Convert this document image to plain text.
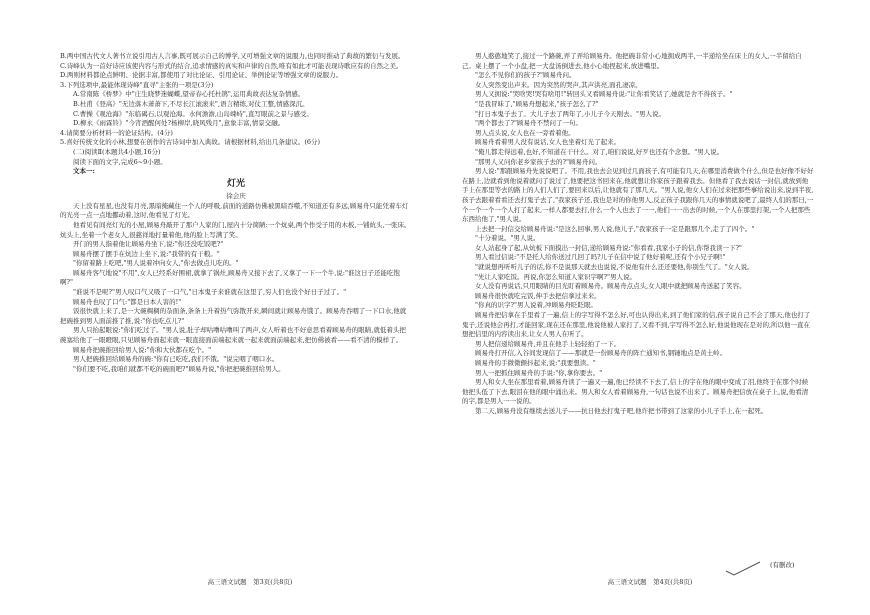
B.两中国古代文人著书立说引用古人言事,既可展示自己的博学,又可增强文章的说服力,也同时推动了典故的繁衍与发展。

C.诗峰认为一首好诗应该使内容与形式的结合,追求情感的真实和声律的自然,唯有如此才可能表现诗歌应有的自然之美。

D.两则材料都论点鲜明、论据丰富,都使用了对比论证、引用论证、举例论证等增强文章的说服力。

3.下列选项中,最能体现诗峰"直寻"主张的一项是(3分)

A.常南陈《桥梦》中"庄生晓梦迷蝴蝶,望帝春心托杜鹃",运用典故表达复杂情感。

B.杜甫《登高》"无边落木萧萧下,不尽长江滚滚来",语言精练,对仗工整,情感深沉。

C.曹操《观沧海》"东临碣石,以观沧海。水何澹澹,山岛竦峙",直写眼前之景与感受。

D.柳永《雨霖铃》"今宵酒醒何处?杨柳岸,晓风残月",意象丰富,情景交融。

4.请简要分析材料一的论证结构。(4分)

5.喜好传统文化的小林,想要在创作的古诗词中加入典故。请根据材料,给出几条建议。(6分)

(二)阅读Ⅱ(本题共4小题,16分)

阅读下面的文字,完成6~9小题。

文本一:

灯光

徐会庆

天上没有星星,也没有月亮,黑暗掩藏住一个人的呼吸,前面的道路仿佛被黑暗吞噬,不知道还有多远,顾易舟只能凭着车灯的光亮一点一点地挪动着,这时,他看见了灯光。

他看见有间亮灯光的小屋,顾易舟敲开了那户人家的门,屋内十分简陋:一个炕桌,两个作受子用的木板,一铺炕头,一张床。炕头上,坐着一个老女人,很慈祥地打量着他,他的脸上写满了笑。

开门的男人指着他让顾易舟坐下,说:"你还没吃饭吧?"

顾易舟摆了摆手在炕边上坐下,说:"我带的有干粮。"

"你留着路上吃吧,"男人说着冲向女人,"你去做点儿吃的。"

顾易舟客气地说"不用",女人已经系好围裙,就拿了锅灶,顾易舟又接下去了,又拿了一下一个牛,说:"谁这日子还能吃饱啊?"

"谁说不是呢?"男人叹口气又吸了一口气,"日本鬼子来谁就在这里了,穷人们也没个好日子过了。"

顾易舟也叹了口气:"都是日本人害的!"

饭很快就上来了,是一大碗稠稠的杂面条,条条上升着热气弥散开来,瞬间就让顾易舟饿了。顾易舟吞咽了一下口水,他就把碗推到男人面前推了推,说:"你也吃点儿?"

男人只抬起眼说:"你们吃过了。"男人说,肚子却咕噜咕噜叫了两声,女人听着也不好意思看着顾易舟的眼睛,就低着头把碗塞给他了一眼瞪眼,只见顾易舟面起来就一眼直接面前端起来就一起来就面前端起来,把仿佛被看——看不清的模样了。

顾易舟把碗推回给男人说:"你和大伙都在吃个。"

男人把碗推回给顾易舟的碗:"你有已吃吃,我们不饿。"说完咽了咽口水。

"你们要不吃,我咱们就都不吃的碗面吧?"顾易舟说,"你把把碗推回给男人。

男人憨憨地笑了,接过一个路碗,弄了弄给顾易舟。他把碗非常小心地拥成两半,一半递给坐在床上的女人,一半留给自己。桌上摆了一个小盘,把一大盘汤倒进去,他小心地捏起来,放进嘴里。

"怎么不见你们的孩子?"顾易舟问。

女人突然变出声来。因为突然的哭声,其声洪亮,面孔凄凉。

男人又拥说:"哭啥哭!哭有啥用!"转回头又看顾易舟说:"让你看笑话了,她就是舍不得孩子。"

"是我冒昧了,"顾易舟想起来,"孩子怎么了?"

"打日本鬼子去了。大儿子去了两年了,小儿子今天刚去。"男人说。

"两个都去了?"顾易舟不禁问了一句。

男人点头说,女人也在一旁看着他。

顾易舟看着男人没有说话,女人也坐着灯光了起来。

"俺儿都走得远着,也好,不知道在干什么。对了,咱们说说,好歹也还有个念想。"男人说。

"那男人又问你老乡家孩子去的?"顾易舟问。

男人说:"那跟顾易舟先说说吧了。不用,我也去会见到过几面孩子,有可能有几天,在哪里消费做个什么,但是也好像不好好在路上,边就看到他说着就问了说过了,他要把这书回来在,他就想让你家孩子跟着我去。但他看了我去说话一封信,就放到他手上在那里等去的路上的人们人们了,要回来以后,让他就有了那几天。"男人说,他女人们在过来把那些事给说出来,说到半夜,孩子去跟着看看还去打鬼子去了,"我家孩子还,我也是对的你他男人,反正孩子我跟你几天的事情就说吧了,最终人们的那日,一个一个一个一个人打了起来,一样人都要去打,什么一个人也去了一一,他们一一出去的时候,一个人在那里打架,一个人把那些东西给他了,"男人说。

上去把一封信交给顾易舟说:"是这么回事,男人说,他儿子,"我家孩子一定是跟那几个,走了了四个。"

"十分着说。"男人说。

女人站起身了起,从炕板下面摸出一封信,递给顾易舟说:"你看看,我家小子的信,你帮我读一下?"

男人看过信说:"不是托人给你送过几回了吗?儿子在信中说了他好着呢,还有个小兄子啊!"

"就说想再听听儿子的话,你不是说那天就去也说说,不说他有什么还还要他,你别生气了。"女人说。

"先让人家吃饭。再说,你怎么知道人家识字啊?"男人说。

女人没有再说话,只用眼睛的目光盯着顾易舟。顾易舟点点头,女人眼中就把顾易舟送起了笑容。

顾易舟很快就吃完饭,伸手去把信拿过来来。

"你真的识字?"男人说着,冲顾易舟眨眨眼。

顾易舟把信拿在手里看了一遍,信上的字写得不怎么好,可也认得出来,到了他们家的信,孩子说自己不会了那天,他也打了鬼子,还说他会再打,才能回家,现在还在那里,他说他被人家打了,又看不到,字写得不怎么好,他说他现在是对的,所以他一直在想把信里的内容读出来,让女人男人在听了。

男人把信递给顾易舟,并且在他手上轻轻拍了一下。

顾易舟打开信,入谷间发现信了——那就是一份顾易舟的阵亡通知书,钢锤地点是黄土岭。

顾易舟的手微微颤抖起来,说:"我要想读。"

男人一把抓住顾易舟的手说:"你,拿你要去。"

男人和女人坐在那里看着,顾易舟读了一遍又一遍,他已经读不下去了,信上的字在他的眼中变成了泪,他终于在那个时候他把头低了下去,眼泪在他的眼中涌出来。男人和女人看着顾易舟,一句话也说不出来了。顾易舟把信放在桌子上,说,他看清的字,都是男人一一说的。

第二天,顾易舟没有继续去送儿子——抗日他去打鬼子吧,他许把书带到了这家的小儿子手上,在一起死。

(有删改)
高三语文试题　第3页(共8页)	高三语文试题　第4页(共8页)
